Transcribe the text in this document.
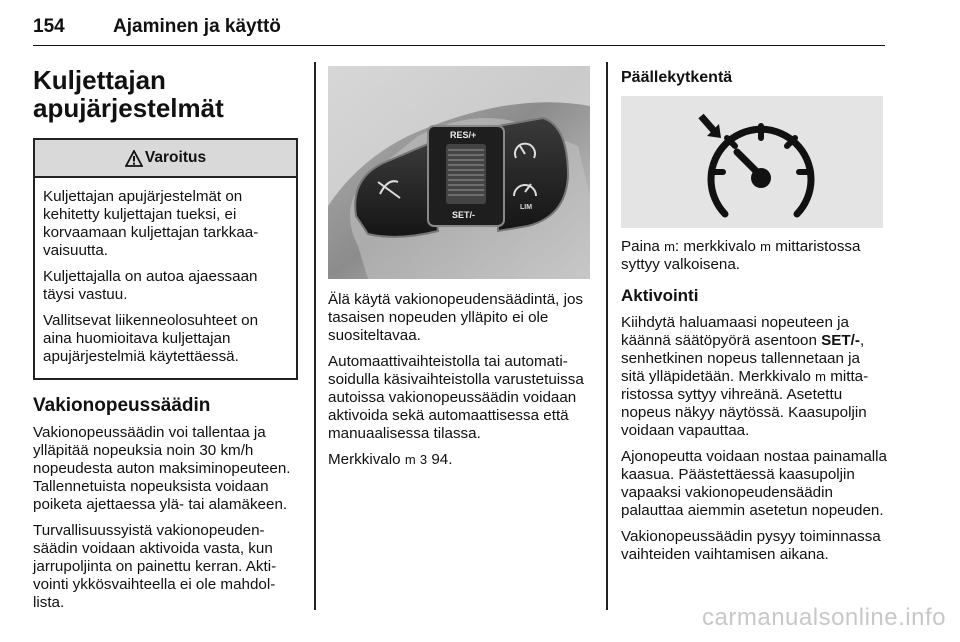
154	Ajaminen ja käyttö
Kuljettajan apujärjestelmät
Varoitus

Kuljettajan apujärjestelmät on kehitetty kuljettajan tueksi, ei korvaamaan kuljettajan tarkkaavaisuutta.

Kuljettajalla on autoa ajaessaan täysi vastuu.

Vallitsevat liikenneolosuhteet on aina huomioitava kuljettajan apujärjestelmiä käytettäessä.

Vakionopeussäädin

Vakionopeussäädin voi tallentaa ja ylläpitää nopeuksia noin 30 km/h nopeudesta auton maksiminopeuteen. Tallennetuista nopeuksista voidaan poiketa ajettaessa ylä- tai alamäkeen.

Turvallisuussyistä vakionopeudensäädin voidaan aktivoida vasta, kun jarrupoljinta on painettu kerran. Aktivointi ykkösvaihteella ei ole mahdollista.

RES/+
SET/-
LIM

Älä käytä vakionopeudensäädintä, jos tasaisen nopeuden ylläpito ei ole suositeltavaa.

Automaattivaihteistolla tai automatisoidulla käsivaihteistolla varustetuissa autoissa vakionopeussäädin voidaan aktivoida sekä automaattisessa että manuaalisessa tilassa.

Merkkivalo m 3 94.

Päällekytkentä

Paina m: merkkivalo m mittaristossa syttyy valkoisena.

Aktivointi

Kiihdytä haluamaasi nopeuteen ja käännä säätöpyörä asentoon SET/-, senhetkinen nopeus tallennetaan ja sitä ylläpidetään. Merkkivalo m mittaristossa syttyy vihreänä. Asetettu nopeus näkyy näytössä. Kaasupoljin voidaan vapauttaa.

Ajonopeutta voidaan nostaa painamalla kaasua. Päästettäessä kaasupoljin vapaaksi vakionopeudensäädin palauttaa aiemmin asetetun nopeuden.

Vakionopeussäädin pysyy toiminnassa vaihteiden vaihtamisen aikana.

carmanualsonline.info
